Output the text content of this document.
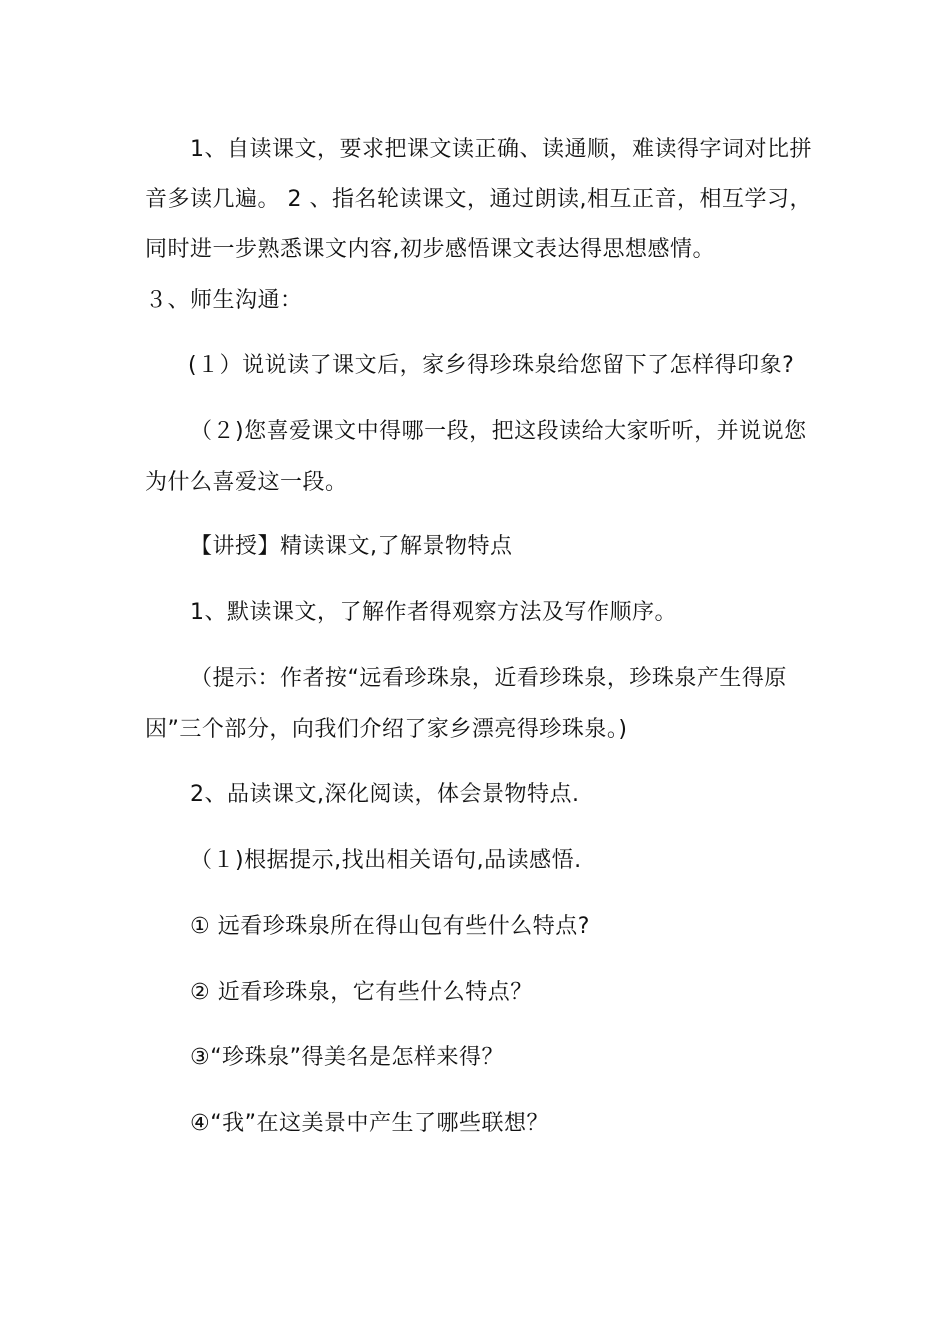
1、自读课文，要求把课文读正确、读通顺，难读得字词对比拼
音多读几遍。 2 、指名轮读课文，通过朗读,相互正音，相互学习，
同时进一步熟悉课文内容,初步感悟课文表达得思想感情。
３、师生沟通：
(１）说说读了课文后，家乡得珍珠泉给您留下了怎样得印象?
（２)您喜爱课文中得哪一段，把这段读给大家听听，并说说您
为什么喜爱这一段。
【讲授】精读课文,了解景物特点
1、默读课文，了解作者得观察方法及写作顺序。
（提示：作者按“远看珍珠泉，近看珍珠泉，珍珠泉产生得原
因”三个部分，向我们介绍了家乡漂亮得珍珠泉。)
2、品读课文,深化阅读，体会景物特点.
（１)根据提示,找出相关语句,品读感悟.
① 远看珍珠泉所在得山包有些什么特点?
② 近看珍珠泉，它有些什么特点？
③“珍珠泉”得美名是怎样来得？
④“我”在这美景中产生了哪些联想？
